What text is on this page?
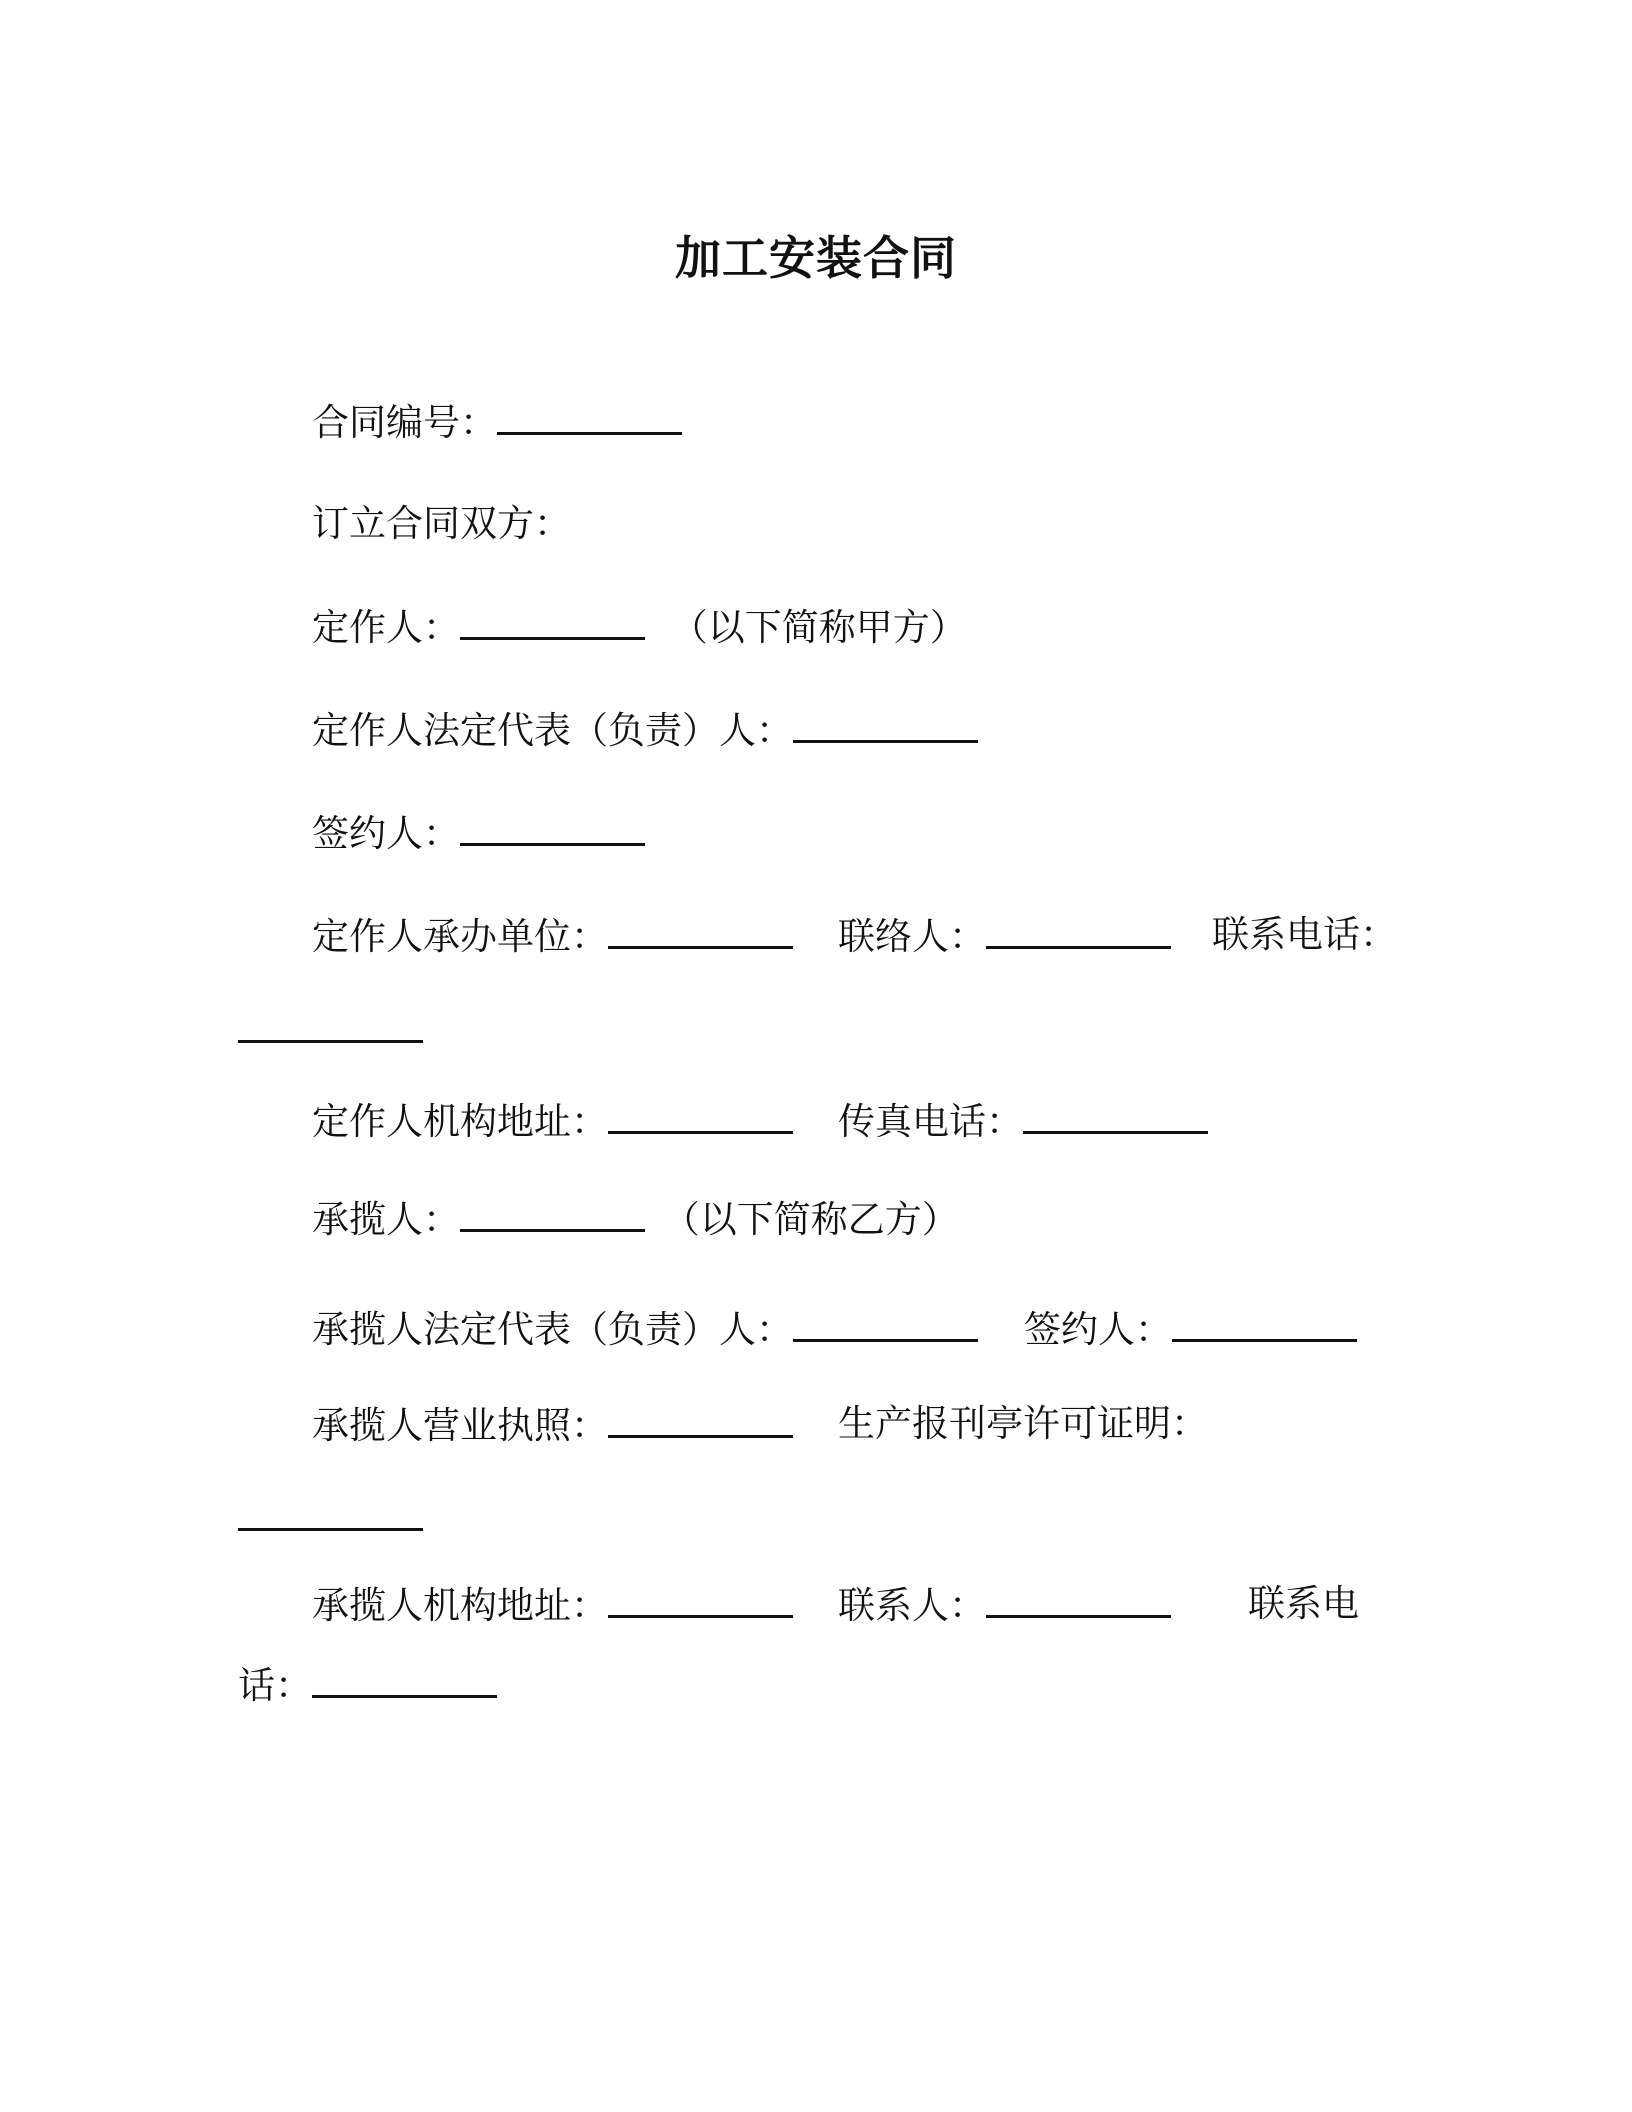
加工安装合同
合同编号：
订立合同双方：
定作人：	（以下简称甲方）
定作人法定代表（负责）人：
签约人：
定作人承办单位：	联络人：	联系电话：
定作人机构地址：	传真电话：
承揽人：	（以下简称乙方）
承揽人法定代表（负责）人：	签约人：
承揽人营业执照：	生产报刊亭许可证明：
承揽人机构地址：	联系人：	联系电
话：
